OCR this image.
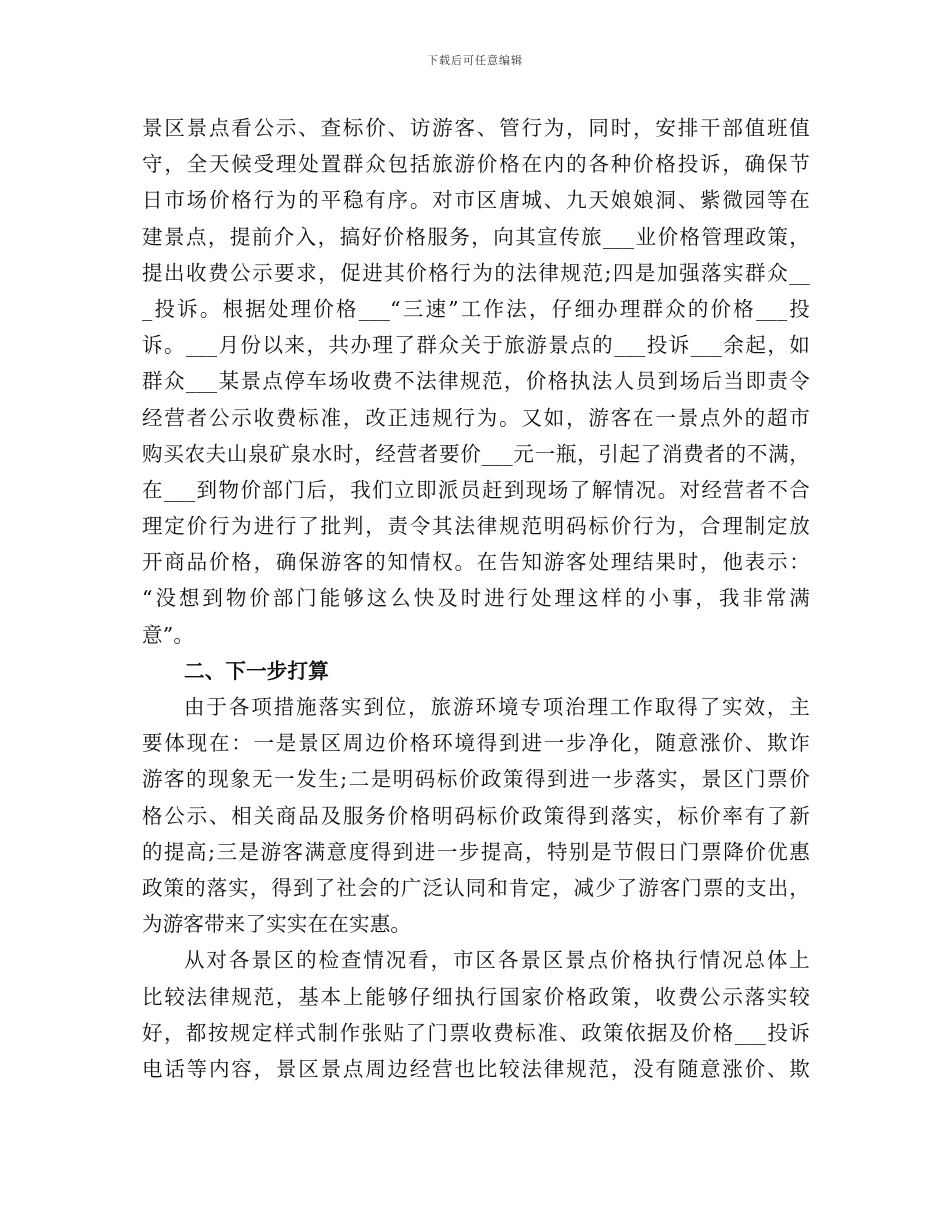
下载后可任意编辑
景区景点看公示、查标价、访游客、管行为，同时，安排干部值班值
守，全天候受理处置群众包括旅游价格在内的各种价格投诉，确保节
日市场价格行为的平稳有序。对市区唐城、九天娘娘洞、紫微园等在
建景点，提前介入，搞好价格服务，向其宣传旅___业价格管理政策，
提出收费公示要求，促进其价格行为的法律规范;四是加强落实群众__
_投诉。根据处理价格___“三速”工作法，仔细办理群众的价格___投
诉。___月份以来，共办理了群众关于旅游景点的___投诉___余起，如
群众___某景点停车场收费不法律规范，价格执法人员到场后当即责令
经营者公示收费标准，改正违规行为。又如，游客在一景点外的超市
购买农夫山泉矿泉水时，经营者要价___元一瓶，引起了消费者的不满，
在___到物价部门后，我们立即派员赶到现场了解情况。对经营者不合
理定价行为进行了批判，责令其法律规范明码标价行为，合理制定放
开商品价格，确保游客的知情权。在告知游客处理结果时，他表示：
“没想到物价部门能够这么快及时进行处理这样的小事，我非常满
意”。
二、下一步打算
由于各项措施落实到位，旅游环境专项治理工作取得了实效，主
要体现在：一是景区周边价格环境得到进一步净化，随意涨价、欺诈
游客的现象无一发生;二是明码标价政策得到进一步落实，景区门票价
格公示、相关商品及服务价格明码标价政策得到落实，标价率有了新
的提高;三是游客满意度得到进一步提高，特别是节假日门票降价优惠
政策的落实，得到了社会的广泛认同和肯定，减少了游客门票的支出，
为游客带来了实实在在实惠。
从对各景区的检查情况看，市区各景区景点价格执行情况总体上
比较法律规范，基本上能够仔细执行国家价格政策，收费公示落实较
好，都按规定样式制作张贴了门票收费标准、政策依据及价格___投诉
电话等内容，景区景点周边经营也比较法律规范，没有随意涨价、欺
